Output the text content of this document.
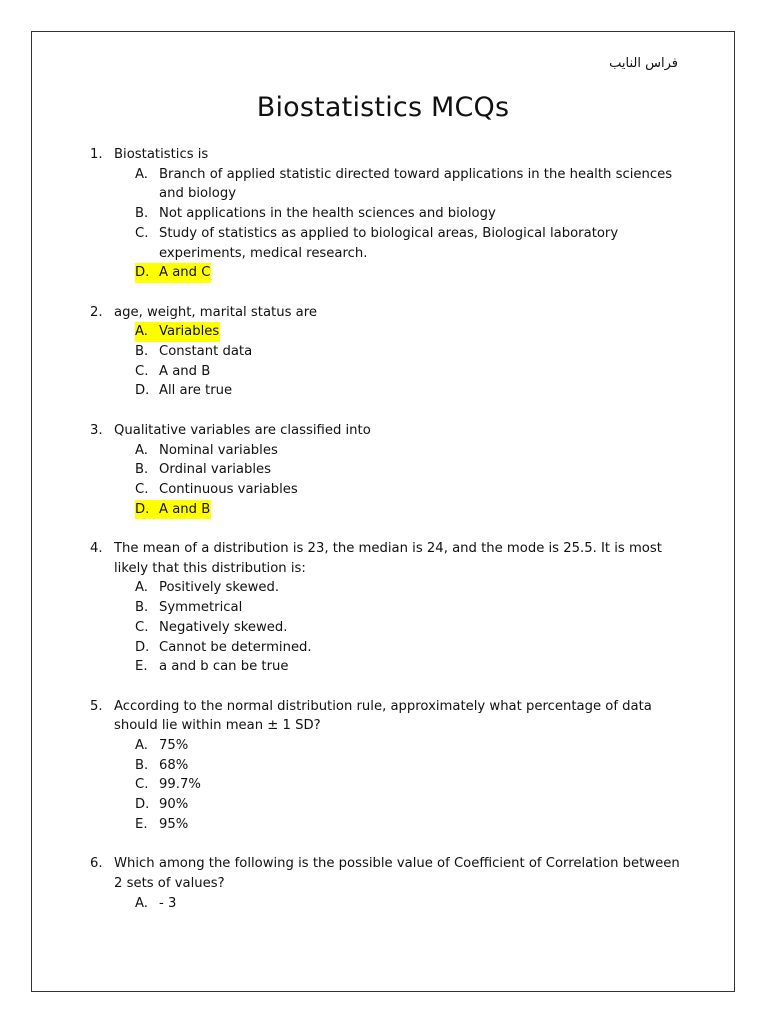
فراس النايب
Biostatistics MCQs
1. Biostatistics is
A. Branch of applied statistic directed toward applications in the health sciences and biology
B. Not applications in the health sciences and biology
C. Study of statistics as applied to biological areas, Biological laboratory experiments, medical research.
D. A and C
2. age, weight, marital status are
A. Variables
B. Constant data
C. A and B
D. All are true
3. Qualitative variables are classified into
A. Nominal variables
B. Ordinal variables
C. Continuous variables
D. A and B
4. The mean of a distribution is 23, the median is 24, and the mode is 25.5. It is most likely that this distribution is:
A. Positively skewed.
B. Symmetrical
C. Negatively skewed.
D. Cannot be determined.
E. a and b can be true
5. According to the normal distribution rule, approximately what percentage of data should lie within mean ± 1 SD?
A. 75%
B. 68%
C. 99.7%
D. 90%
E. 95%
6. Which among the following is the possible value of Coefficient of Correlation between 2 sets of values?
A. - 3
